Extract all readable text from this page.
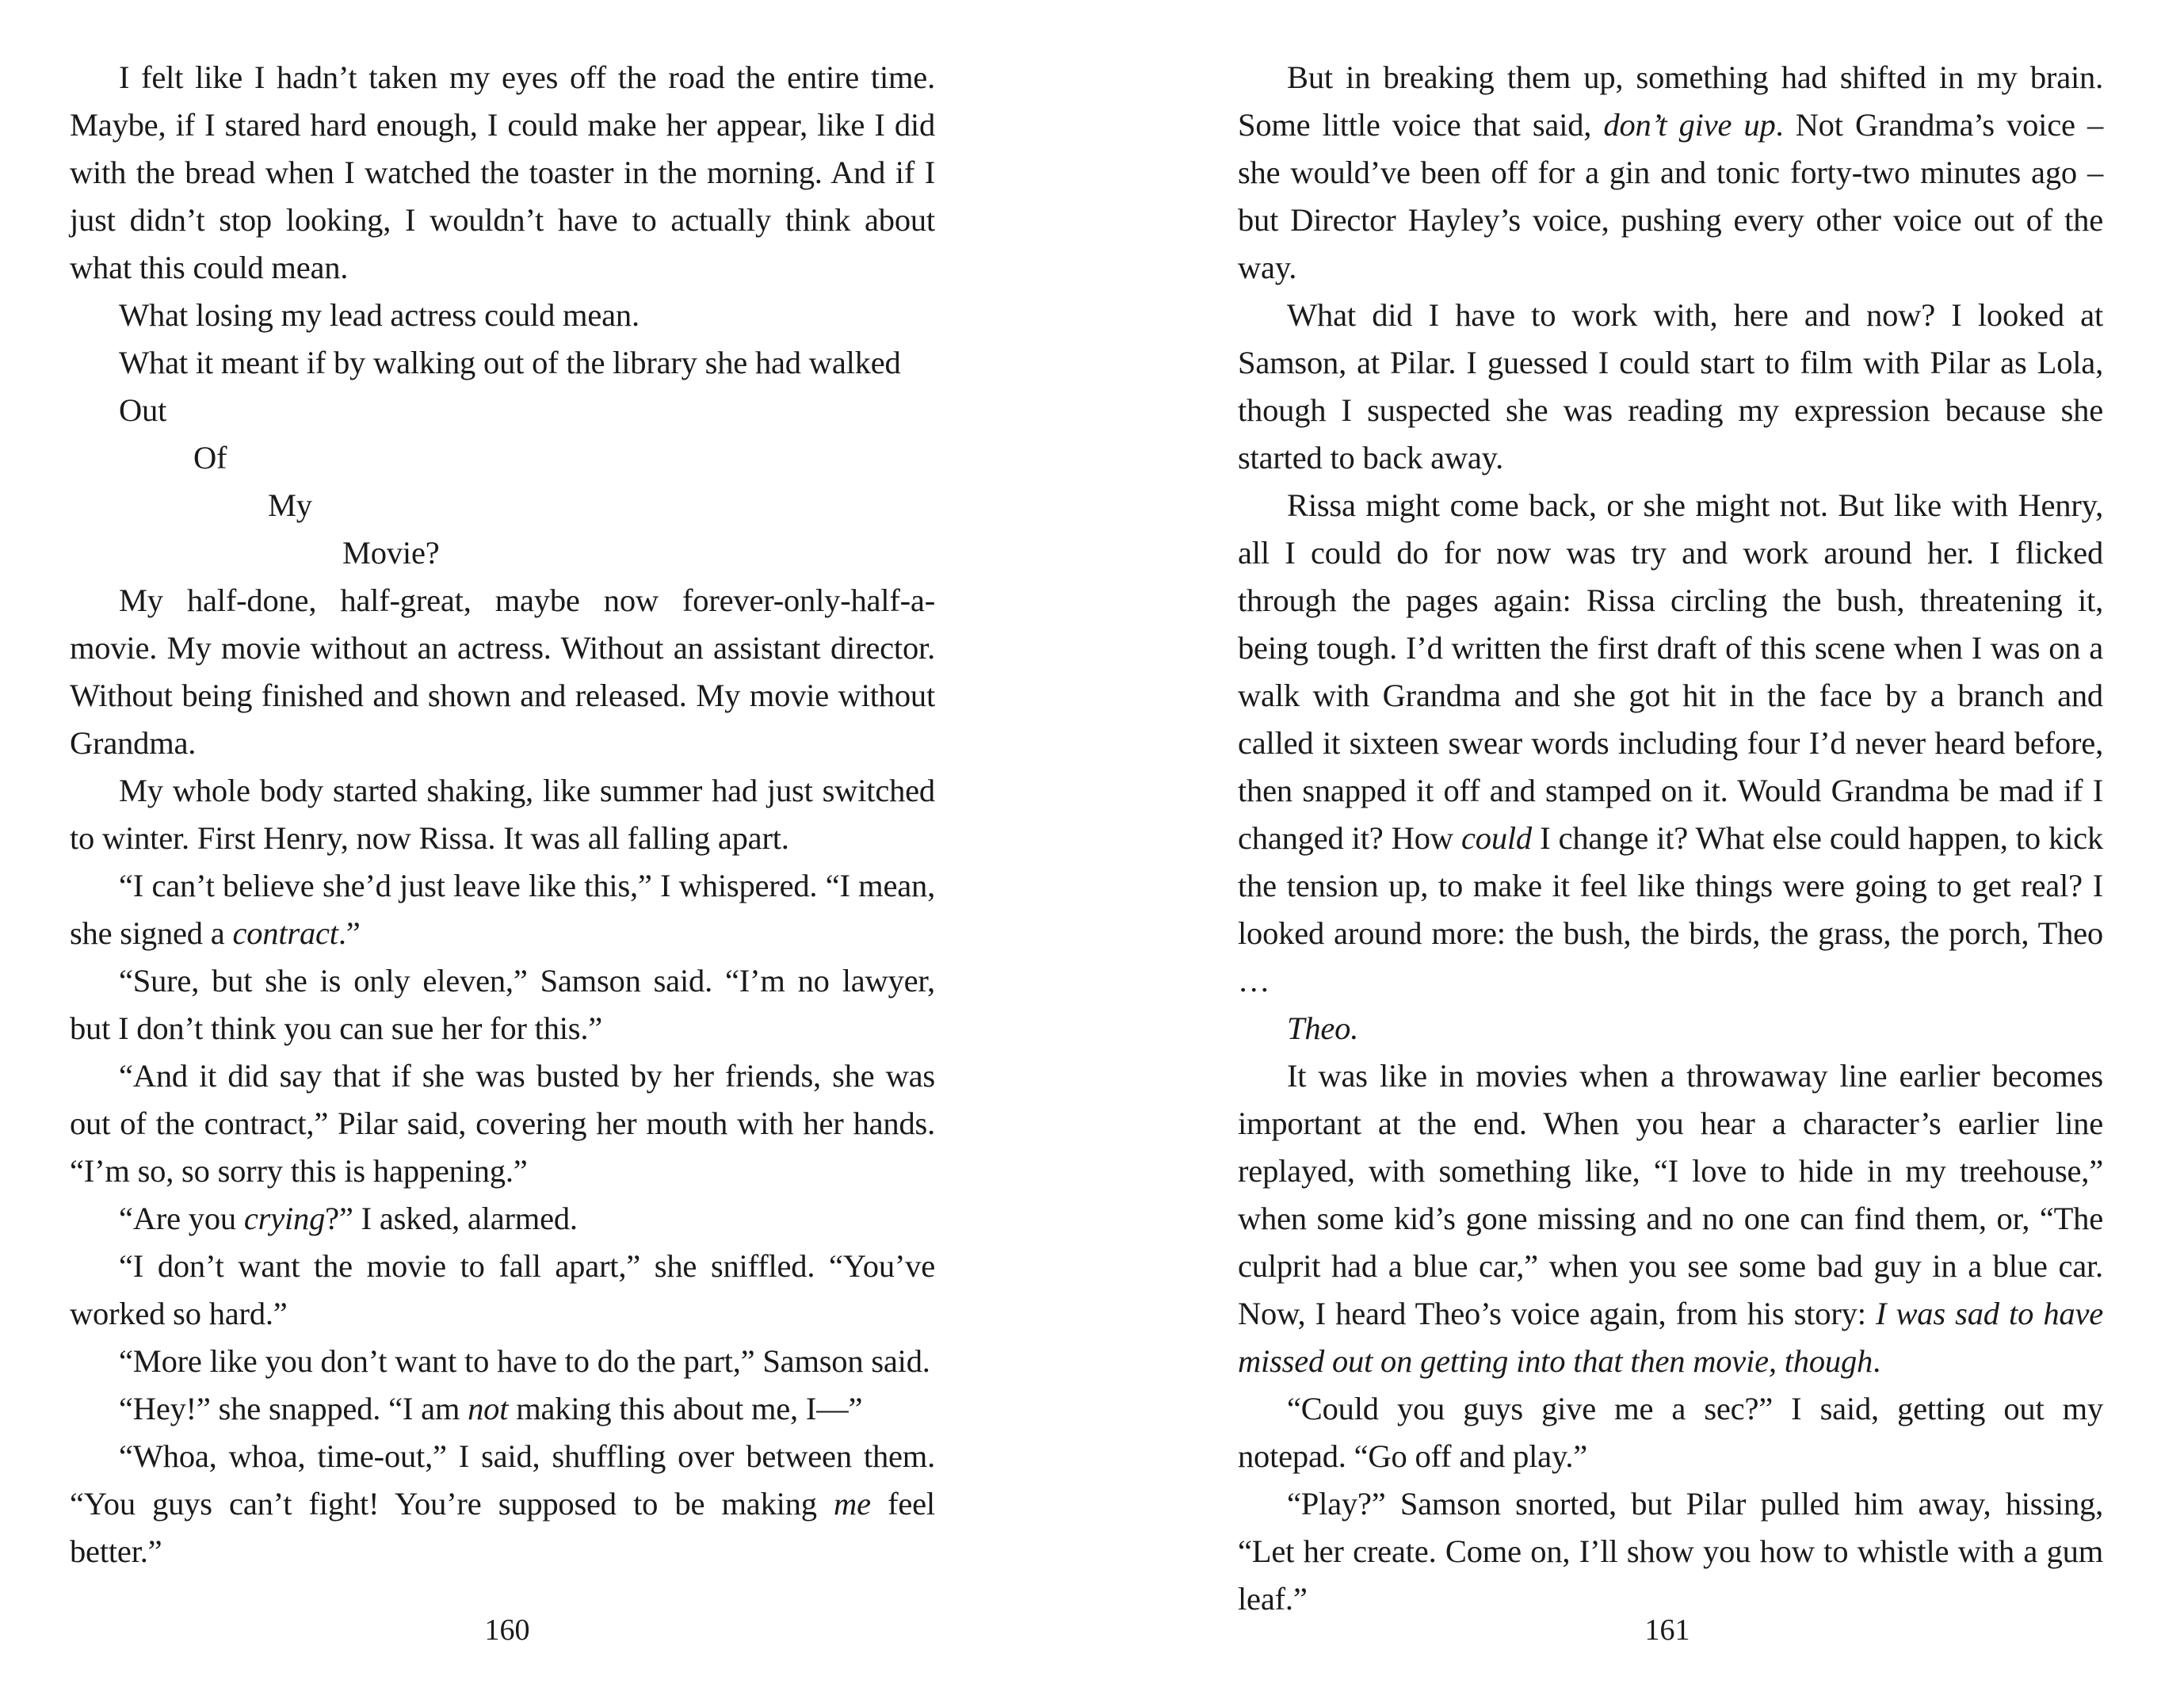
I felt like I hadn’t taken my eyes off the road the entire time. Maybe, if I stared hard enough, I could make her appear, like I did with the bread when I watched the toaster in the morning. And if I just didn’t stop looking, I wouldn’t have to actually think about what this could mean.

What losing my lead actress could mean.

What it meant if by walking out of the library she had walked

Out

Of

My

Movie?

My half-done, half-great, maybe now forever-only-half-a-movie. My movie without an actress. Without an assistant director. Without being finished and shown and released. My movie without Grandma.

My whole body started shaking, like summer had just switched to winter. First Henry, now Rissa. It was all falling apart.

“I can’t believe she’d just leave like this,” I whispered. “I mean, she signed a contract.”

“Sure, but she is only eleven,” Samson said. “I’m no lawyer, but I don’t think you can sue her for this.”

“And it did say that if she was busted by her friends, she was out of the contract,” Pilar said, covering her mouth with her hands. “I’m so, so sorry this is happening.”

“Are you crying?” I asked, alarmed.

“I don’t want the movie to fall apart,” she sniffled. “You’ve worked so hard.”

“More like you don’t want to have to do the part,” Samson said.

“Hey!” she snapped. “I am not making this about me, I—”

“Whoa, whoa, time-out,” I said, shuffling over between them. “You guys can’t fight! You’re supposed to be making me feel better.”

160

But in breaking them up, something had shifted in my brain. Some little voice that said, don’t give up. Not Grandma’s voice – she would’ve been off for a gin and tonic forty-two minutes ago – but Director Hayley’s voice, pushing every other voice out of the way.

What did I have to work with, here and now? I looked at Samson, at Pilar. I guessed I could start to film with Pilar as Lola, though I suspected she was reading my expression because she started to back away.

Rissa might come back, or she might not. But like with Henry, all I could do for now was try and work around her. I flicked through the pages again: Rissa circling the bush, threatening it, being tough. I’d written the first draft of this scene when I was on a walk with Grandma and she got hit in the face by a branch and called it sixteen swear words including four I’d never heard before, then snapped it off and stamped on it. Would Grandma be mad if I changed it? How could I change it? What else could happen, to kick the tension up, to make it feel like things were going to get real? I looked around more: the bush, the birds, the grass, the porch, Theo …

Theo.

It was like in movies when a throwaway line earlier becomes important at the end. When you hear a character’s earlier line replayed, with something like, “I love to hide in my treehouse,” when some kid’s gone missing and no one can find them, or, “The culprit had a blue car,” when you see some bad guy in a blue car. Now, I heard Theo’s voice again, from his story: I was sad to have missed out on getting into that then movie, though.

“Could you guys give me a sec?” I said, getting out my notepad. “Go off and play.”

“Play?” Samson snorted, but Pilar pulled him away, hissing, “Let her create. Come on, I’ll show you how to whistle with a gum leaf.”

161
